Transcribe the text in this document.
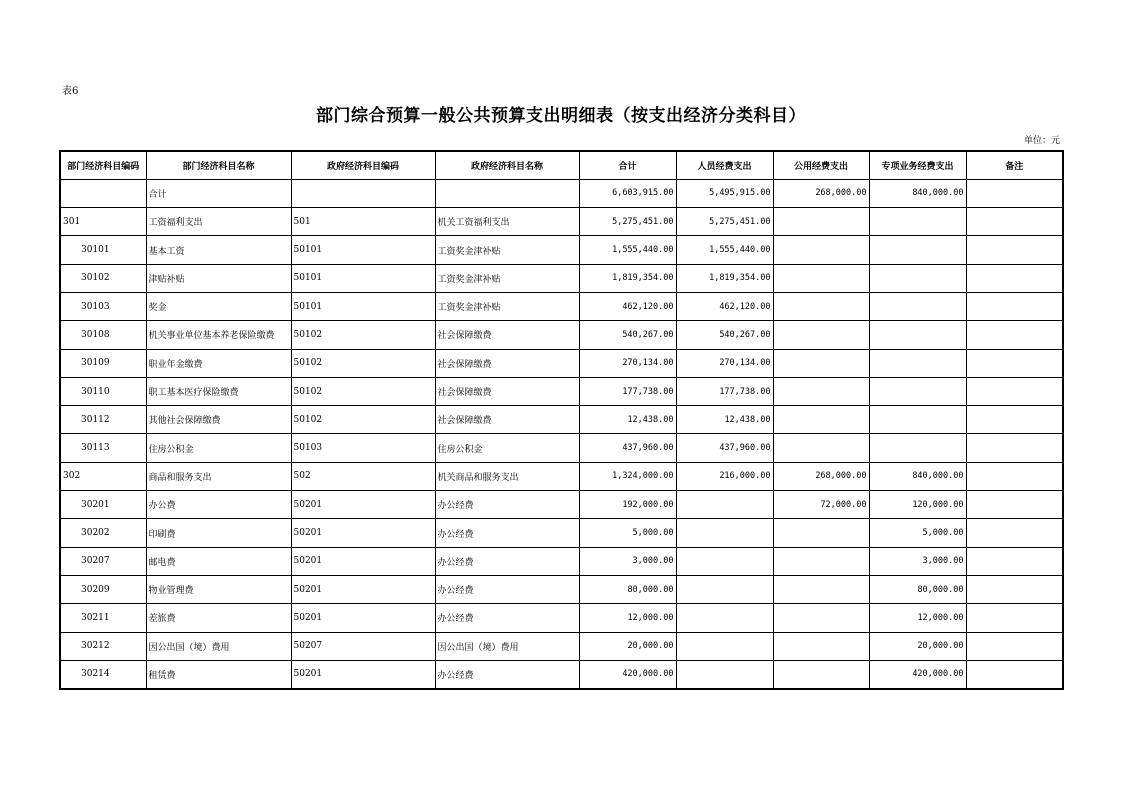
表6
部门综合预算一般公共预算支出明细表（按支出经济分类科目）
单位：元
部门经济科目编码	部门经济科目名称	政府经济科目编码	政府经济科目名称	合计	人员经费支出	公用经费支出	专项业务经费支出	备注
	合计			6,603,915.00	5,495,915.00	268,000.00	840,000.00	
301	工资福利支出	501	机关工资福利支出	5,275,451.00	5,275,451.00			
30101	基本工资	50101	工资奖金津补贴	1,555,440.00	1,555,440.00			
30102	津贴补贴	50101	工资奖金津补贴	1,819,354.00	1,819,354.00			
30103	奖金	50101	工资奖金津补贴	462,120.00	462,120.00			
30108	机关事业单位基本养老保险缴费	50102	社会保障缴费	540,267.00	540,267.00			
30109	职业年金缴费	50102	社会保障缴费	270,134.00	270,134.00			
30110	职工基本医疗保险缴费	50102	社会保障缴费	177,738.00	177,738.00			
30112	其他社会保障缴费	50102	社会保障缴费	12,438.00	12,438.00			
30113	住房公积金	50103	住房公积金	437,960.00	437,960.00			
302	商品和服务支出	502	机关商品和服务支出	1,324,000.00	216,000.00	268,000.00	840,000.00	
30201	办公费	50201	办公经费	192,000.00		72,000.00	120,000.00	
30202	印刷费	50201	办公经费	5,000.00			5,000.00	
30207	邮电费	50201	办公经费	3,000.00			3,000.00	
30209	物业管理费	50201	办公经费	80,000.00			80,000.00	
30211	差旅费	50201	办公经费	12,000.00			12,000.00	
30212	因公出国（境）费用	50207	因公出国（境）费用	20,000.00			20,000.00	
30214	租赁费	50201	办公经费	420,000.00			420,000.00	
